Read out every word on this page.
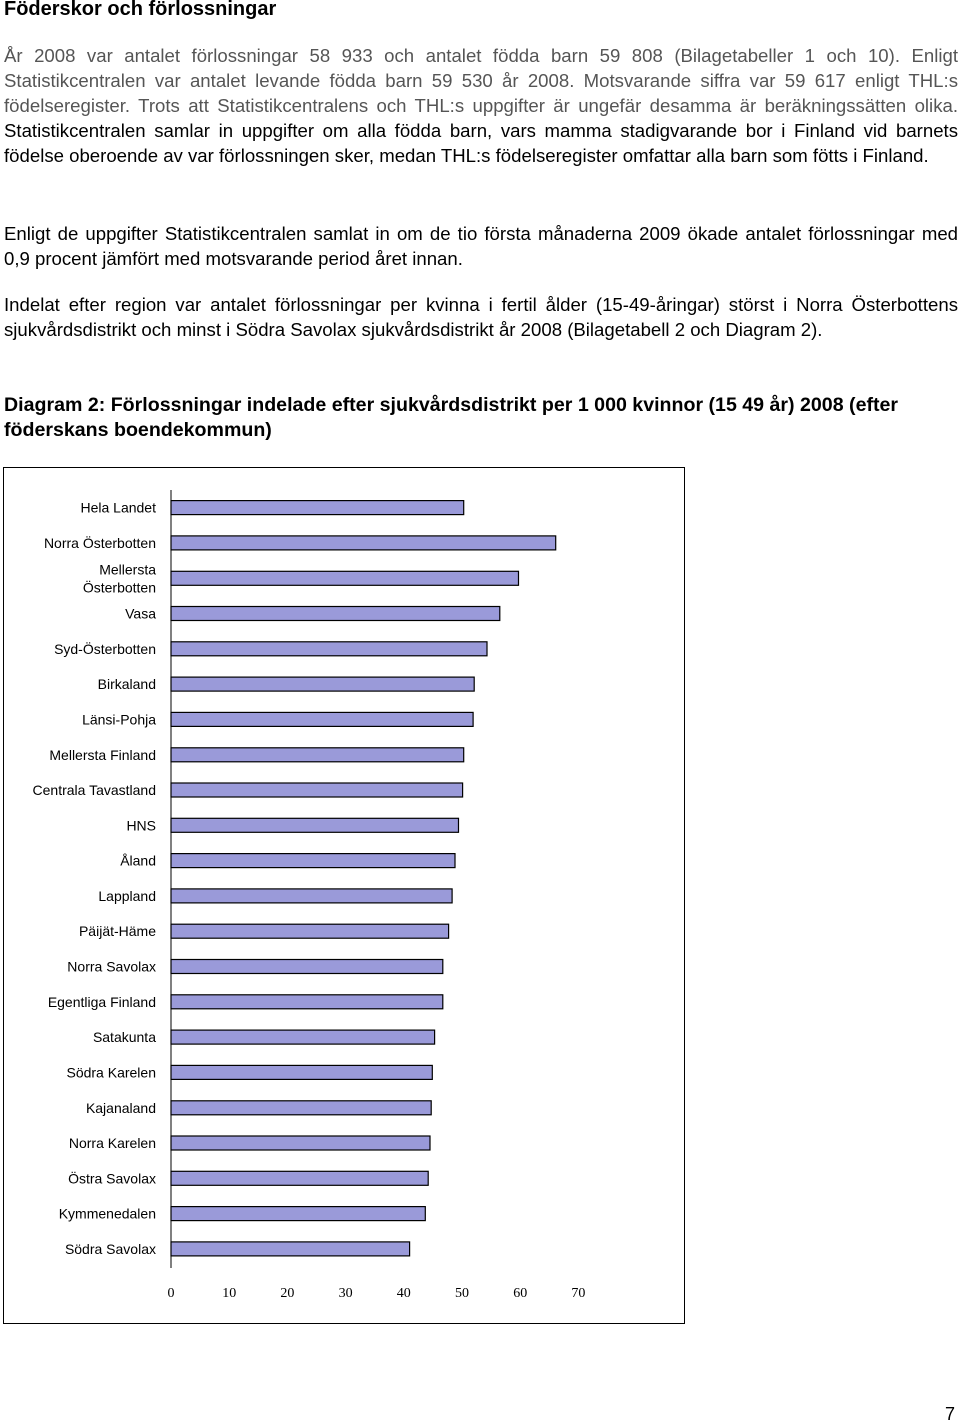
Föderskor och förlossningar

År 2008 var antalet förlossningar 58 933 och antalet födda barn 59 808 (Bilagetabeller 1 och 10). Enligt Statistikcentralen var antalet levande födda barn 59 530 år 2008. Motsvarande siffra var 59 617 enligt THL:s födelseregister. Trots att Statistikcentralens och THL:s uppgifter är ungefär desamma är beräkningssätten olika. Statistikcentralen samlar in uppgifter om alla födda barn, vars mamma stadigvarande bor i Finland vid barnets födelse oberoende av var förlossningen sker, medan THL:s födelseregister omfattar alla barn som fötts i Finland.

Enligt de uppgifter Statistikcentralen samlat in om de tio första månaderna 2009 ökade antalet förlossningar med 0,9 procent jämfört med motsvarande period året innan.

Indelat efter region var antalet förlossningar per kvinna i fertil ålder (15-49-åringar) störst i Norra Österbottens sjukvårdsdistrikt och minst i Södra Savolax sjukvårdsdistrikt år 2008 (Bilagetabell 2 och Diagram 2).

Diagram 2: Förlossningar indelade efter sjukvårdsdistrikt per 1 000 kvinnor (15 49 år) 2008 (efter föderskans boendekommun)

Hela Landet
Norra Österbotten
Mellersta Österbotten
Vasa
Syd-Österbotten
Birkaland
Länsi-Pohja
Mellersta Finland
Centrala Tavastland
HNS
Åland
Lappland
Päijät-Häme
Norra Savolax
Egentliga Finland
Satakunta
Södra Karelen
Kajanaland
Norra Karelen
Östra Savolax
Kymmenedalen
Södra Savolax
0	10	20	30	40	50	60	70

7
